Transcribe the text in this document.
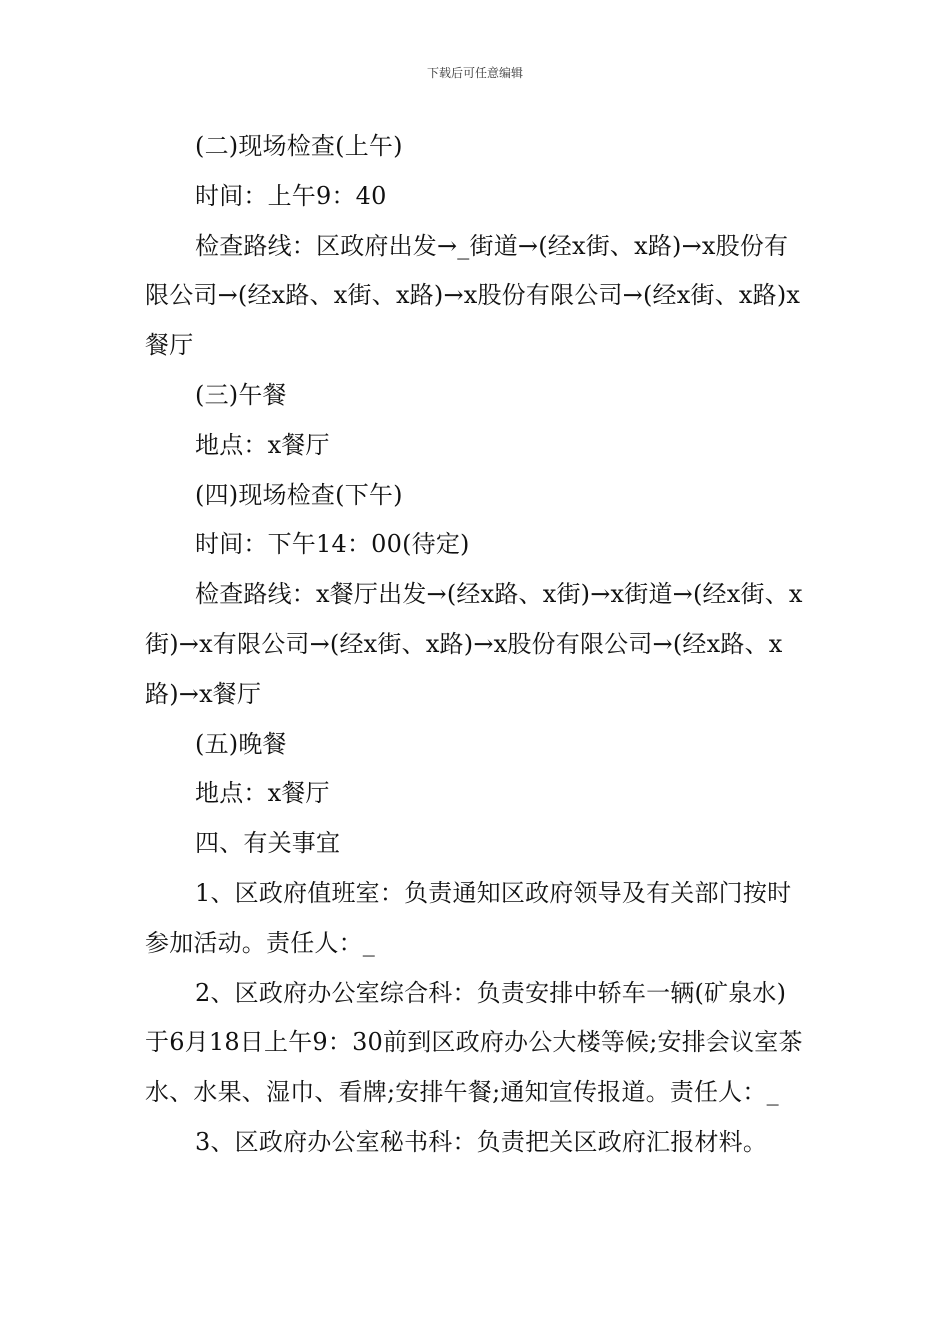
下载后可任意编辑

(二)现场检查(上午)

时间：上午9：40

检查路线：区政府出发→_街道→(经x街、x路)→x股份有限公司→(经x路、x街、x路)→x股份有限公司→(经x街、x路)x餐厅

(三)午餐

地点：x餐厅

(四)现场检查(下午)

时间：下午14：00(待定)

检查路线：x餐厅出发→(经x路、x街)→x街道→(经x街、x街)→x有限公司→(经x街、x路)→x股份有限公司→(经x路、x路)→x餐厅

(五)晚餐

地点：x餐厅

四、有关事宜

1、区政府值班室：负责通知区政府领导及有关部门按时参加活动。责任人：_

2、区政府办公室综合科：负责安排中轿车一辆(矿泉水)于6月18日上午9：30前到区政府办公大楼等候;安排会议室茶水、水果、湿巾、看牌;安排午餐;通知宣传报道。责任人：_

3、区政府办公室秘书科：负责把关区政府汇报材料。
